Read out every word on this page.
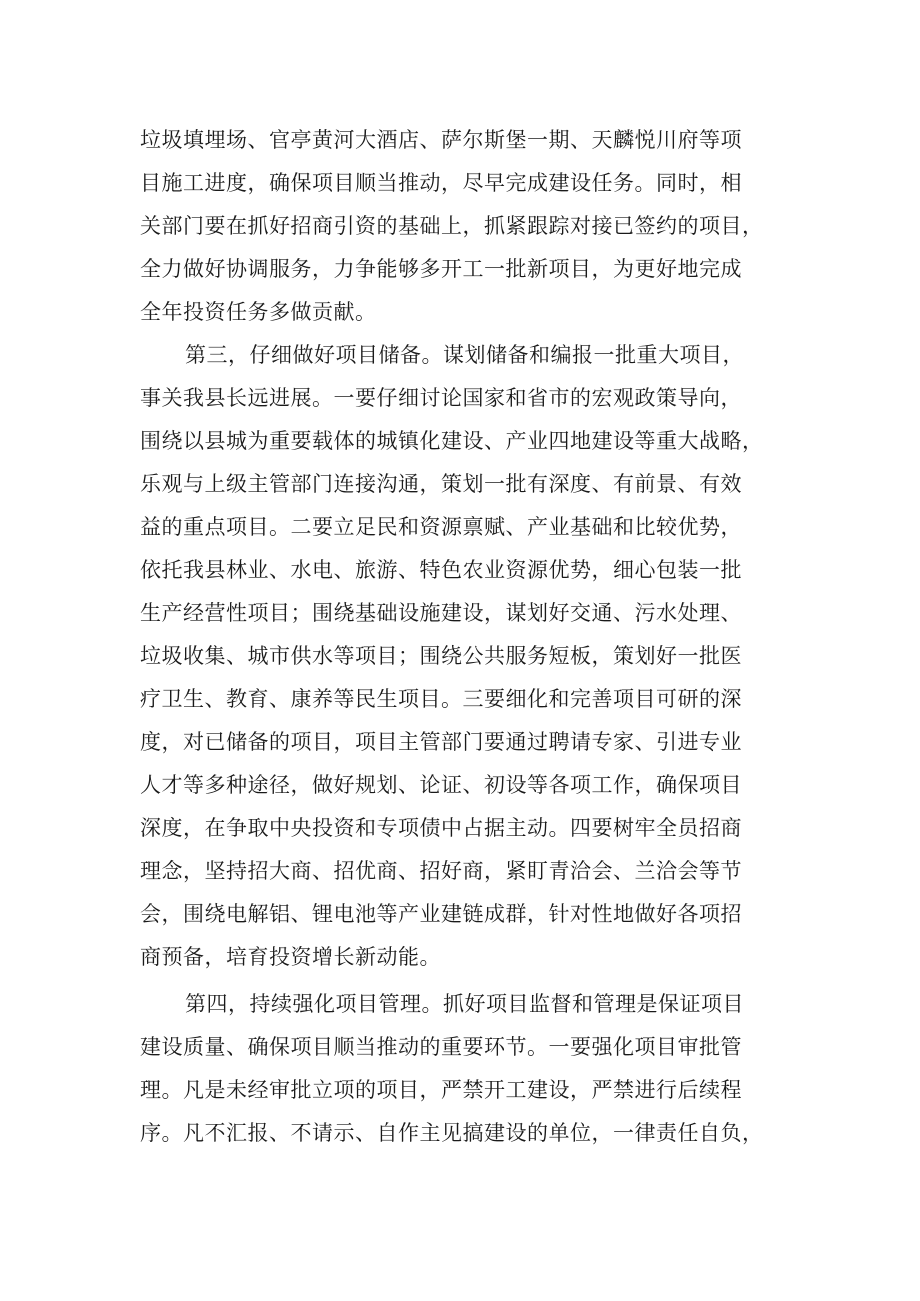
垃圾填埋场、官亭黄河大酒店、萨尔斯堡一期、天麟悦川府等项
目施工进度，确保项目顺当推动，尽早完成建设任务。同时，相
关部门要在抓好招商引资的基础上，抓紧跟踪对接已签约的项目，
全力做好协调服务，力争能够多开工一批新项目，为更好地完成
全年投资任务多做贡献。
第三，仔细做好项目储备。谋划储备和编报一批重大项目，
事关我县长远进展。一要仔细讨论国家和省市的宏观政策导向，
围绕以县城为重要载体的城镇化建设、产业四地建设等重大战略，
乐观与上级主管部门连接沟通，策划一批有深度、有前景、有效
益的重点项目。二要立足民和资源禀赋、产业基础和比较优势，
依托我县林业、水电、旅游、特色农业资源优势，细心包装一批
生产经营性项目；围绕基础设施建设，谋划好交通、污水处理、
垃圾收集、城市供水等项目；围绕公共服务短板，策划好一批医
疗卫生、教育、康养等民生项目。三要细化和完善项目可研的深
度，对已储备的项目，项目主管部门要通过聘请专家、引进专业
人才等多种途径，做好规划、论证、初设等各项工作，确保项目
深度，在争取中央投资和专项债中占据主动。四要树牢全员招商
理念，坚持招大商、招优商、招好商，紧盯青洽会、兰洽会等节
会，围绕电解铝、锂电池等产业建链成群，针对性地做好各项招
商预备，培育投资增长新动能。
第四，持续强化项目管理。抓好项目监督和管理是保证项目
建设质量、确保项目顺当推动的重要环节。一要强化项目审批管
理。凡是未经审批立项的项目，严禁开工建设，严禁进行后续程
序。凡不汇报、不请示、自作主见搞建设的单位，一律责任自负，
